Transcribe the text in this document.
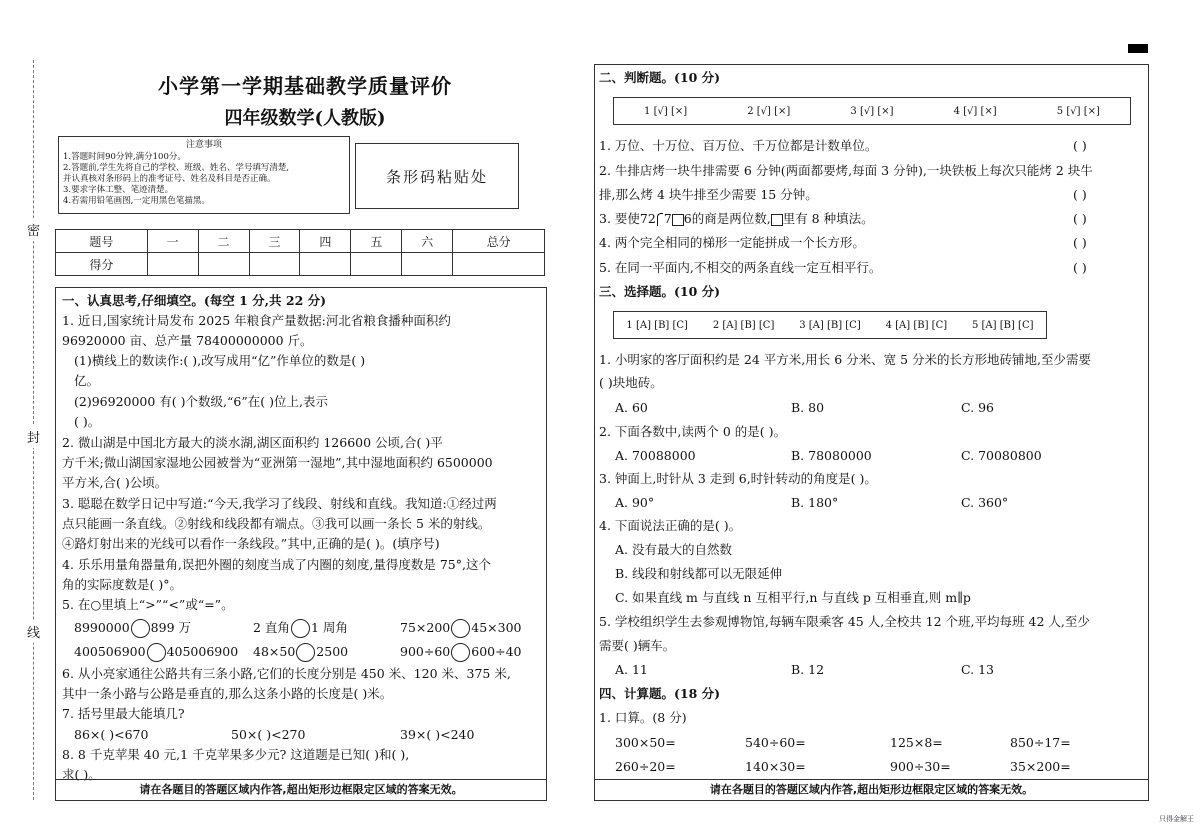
密
封
线
小学第一学期基础教学质量评价
四年级数学(人教版)
注意事项
1.答题时间90分钟,满分100分。
2.答题前,学生先将自己的学校、班级、姓名、学号填写清楚,
并认真核对条形码上的准考证号、姓名及科目是否正确。
3.要求字体工整、笔迹清楚。
4.若需用铅笔画图,一定用黑色笔描黑。
条形码粘贴处
题号	一	二	三	四	五	六	总分
得分							
一、认真思考,仔细填空。(每空 1 分,共 22 分)
1. 近日,国家统计局发布 2025 年粮食产量数据:河北省粮食播种面积约
96920000 亩、总产量 78400000000 斤。
(1)横线上的数读作:( ),改写成用“亿”作单位的数是( )
亿。
(2)96920000 有( )个数级,“6”在( )位上,表示
( )。
2. 微山湖是中国北方最大的淡水湖,湖区面积约 126600 公顷,合( )平
方千米;微山湖国家湿地公园被誉为“亚洲第一湿地”,其中湿地面积约 6500000
平方米,合( )公顷。
3. 聪聪在数学日记中写道:“今天,我学习了线段、射线和直线。我知道:①经过两
点只能画一条直线。②射线和线段都有端点。③我可以画一条长 5 米的射线。
④路灯射出来的光线可以看作一条线段。”其中,正确的是( )。(填序号)
4. 乐乐用量角器量角,误把外圈的刻度当成了内圈的刻度,量得度数是 75°,这个
角的实际度数是( )°。
5. 在○里填上“>”“<”或“=”。
8990000 899 万	2 直角 1 周角	75×200 45×300
400506900 405006900 48×50 2500	900÷60 600÷40
6. 从小亮家通往公路共有三条小路,它们的长度分别是 450 米、120 米、375 米,
其中一条小路与公路是垂直的,那么这条小路的长度是( )米。
7. 括号里最大能填几?
86×( )<670	50×( )<270	39×( )<240
8. 8 千克苹果 40 元,1 千克苹果多少元? 这道题是已知( )和( ),
求( )。
请在各题目的答题区域内作答,超出矩形边框限定区域的答案无效。
二、判断题。(10 分)
1 [√] [×]	2 [√] [×]	3 [√] [×]	4 [√] [×]	5 [√] [×]
1. 万位、十万位、百万位、千万位都是计数单位。	( )
2. 牛排店烤一块牛排需要 6 分钟(两面都要烤,每面 3 分钟),一块铁板上每次只能烤 2 块牛
排,那么烤 4 块牛排至少需要 15 分钟。	( )
3. 要使72 7 6的商是两位数, 里有 8 种填法。	( )
4. 两个完全相同的梯形一定能拼成一个长方形。	( )
5. 在同一平面内,不相交的两条直线一定互相平行。	( )
三、选择题。(10 分)
1 [A] [B] [C] 2 [A] [B] [C] 3 [A] [B] [C] 4 [A] [B] [C] 5 [A] [B] [C]
1. 小明家的客厅面积约是 24 平方米,用长 6 分米、宽 5 分米的长方形地砖铺地,至少需要
( )块地砖。
A. 60	B. 80	C. 96
2. 下面各数中,读两个 0 的是( )。
A. 70088000	B. 78080000	C. 70080800
3. 钟面上,时针从 3 走到 6,时针转动的角度是( )。
A. 90°	B. 180°	C. 360°
4. 下面说法正确的是( )。
A. 没有最大的自然数
B. 线段和射线都可以无限延伸
C. 如果直线 m 与直线 n 互相平行,n 与直线 p 互相垂直,则 m∥p
5. 学校组织学生去参观博物馆,每辆车限乘客 45 人,全校共 12 个班,平均每班 42 人,至少
需要( )辆车。
A. 11	B. 12	C. 13
四、计算题。(18 分)
1. 口算。(8 分)
300×50=	540÷60=	125×8=	850÷17=
260÷20=	140×30=	900÷30=	35×200=
请在各题目的答题区域内作答,超出矩形边框限定区域的答案无效。
只得金解王
